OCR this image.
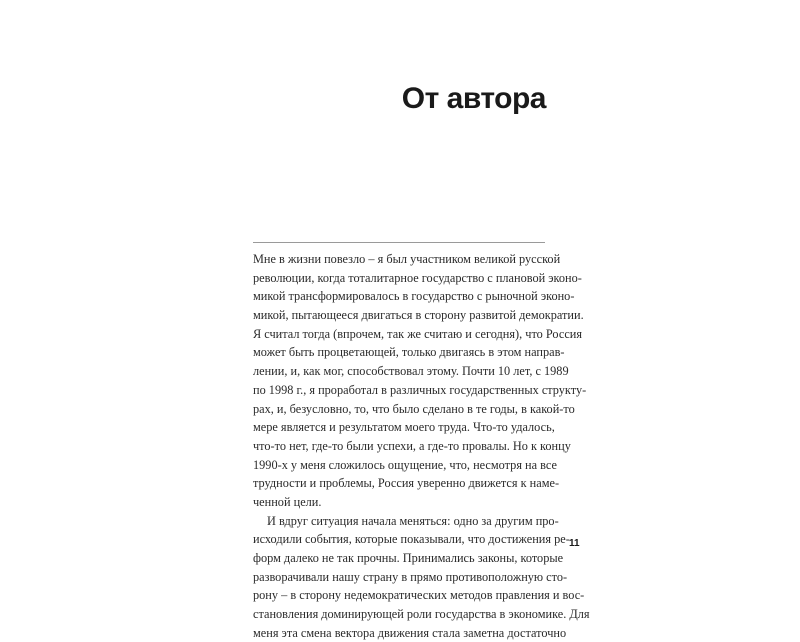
От автора
Мне в жизни повезло – я был участником великой русской
революции, когда тоталитарное государство с плановой эконо-
микой трансформировалось в государство с рыночной эконо-
микой, пытающееся двигаться в сторону развитой демократии.
Я считал тогда (впрочем, так же считаю и сегодня), что Россия
может быть процветающей, только двигаясь в этом направ-
лении, и, как мог, способствовал этому. Почти 10 лет, с 1989
по 1998 г., я проработал в различных государственных структу-
рах, и, безусловно, то, что было сделано в те годы, в какой-то
мере является и результатом моего труда. Что-то удалось,
что-то нет, где-то были успехи, а где-то провалы. Но к концу
1990-х у меня сложилось ощущение, что, несмотря на все
трудности и проблемы, Россия уверенно движется к наме-
ченной цели.
И вдруг ситуация начала меняться: одно за другим про-
исходили события, которые показывали, что достижения ре-
форм далеко не так прочны. Принимались законы, которые
разворачивали нашу страну в прямо противоположную сто-
рону – в сторону недемократических методов правления и вос-
становления доминирующей роли государства в экономике. Для
меня эта смена вектора движения стала заметна достаточно
11
